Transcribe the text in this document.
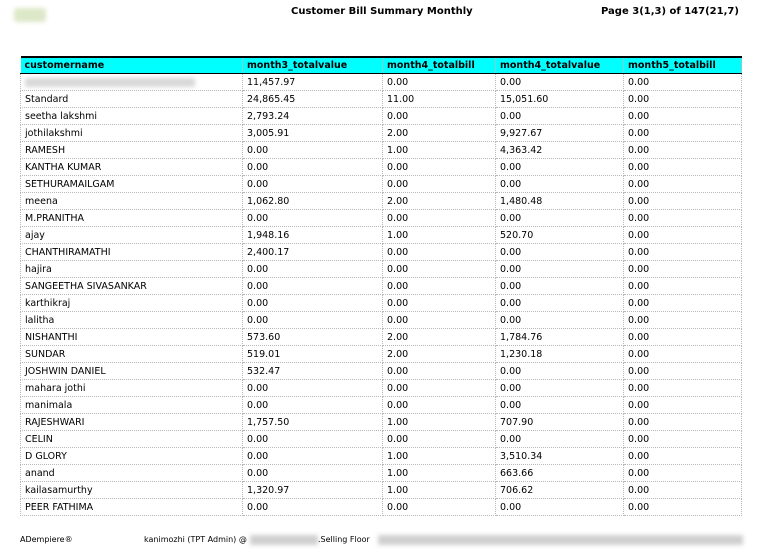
Customer Bill Summary Monthly	Page 3(1,3) of 147(21,7)
customername	month3_totalvalue	month4_totalbill	month4_totalvalue	month5_totalbill
	11,457.97	0.00	0.00	0.00
Standard	24,865.45	11.00	15,051.60	0.00
seetha lakshmi	2,793.24	0.00	0.00	0.00
jothilakshmi	3,005.91	2.00	9,927.67	0.00
RAMESH	0.00	1.00	4,363.42	0.00
KANTHA KUMAR	0.00	0.00	0.00	0.00
SETHURAMAILGAM	0.00	0.00	0.00	0.00
meena	1,062.80	2.00	1,480.48	0.00
M.PRANITHA	0.00	0.00	0.00	0.00
ajay	1,948.16	1.00	520.70	0.00
CHANTHIRAMATHI	2,400.17	0.00	0.00	0.00
hajira	0.00	0.00	0.00	0.00
SANGEETHA SIVASANKAR	0.00	0.00	0.00	0.00
karthikraj	0.00	0.00	0.00	0.00
lalitha	0.00	0.00	0.00	0.00
NISHANTHI	573.60	2.00	1,784.76	0.00
SUNDAR	519.01	2.00	1,230.18	0.00
JOSHWIN DANIEL	532.47	0.00	0.00	0.00
mahara jothi	0.00	0.00	0.00	0.00
manimala	0.00	0.00	0.00	0.00
RAJESHWARI	1,757.50	1.00	707.90	0.00
CELIN	0.00	0.00	0.00	0.00
D GLORY	0.00	1.00	3,510.34	0.00
anand	0.00	1.00	663.66	0.00
kailasamurthy	1,320.97	1.00	706.62	0.00
PEER FATHIMA	0.00	0.00	0.00	0.00
ADempiere®	kanimozhi (TPT Admin) @	.Selling Floor
